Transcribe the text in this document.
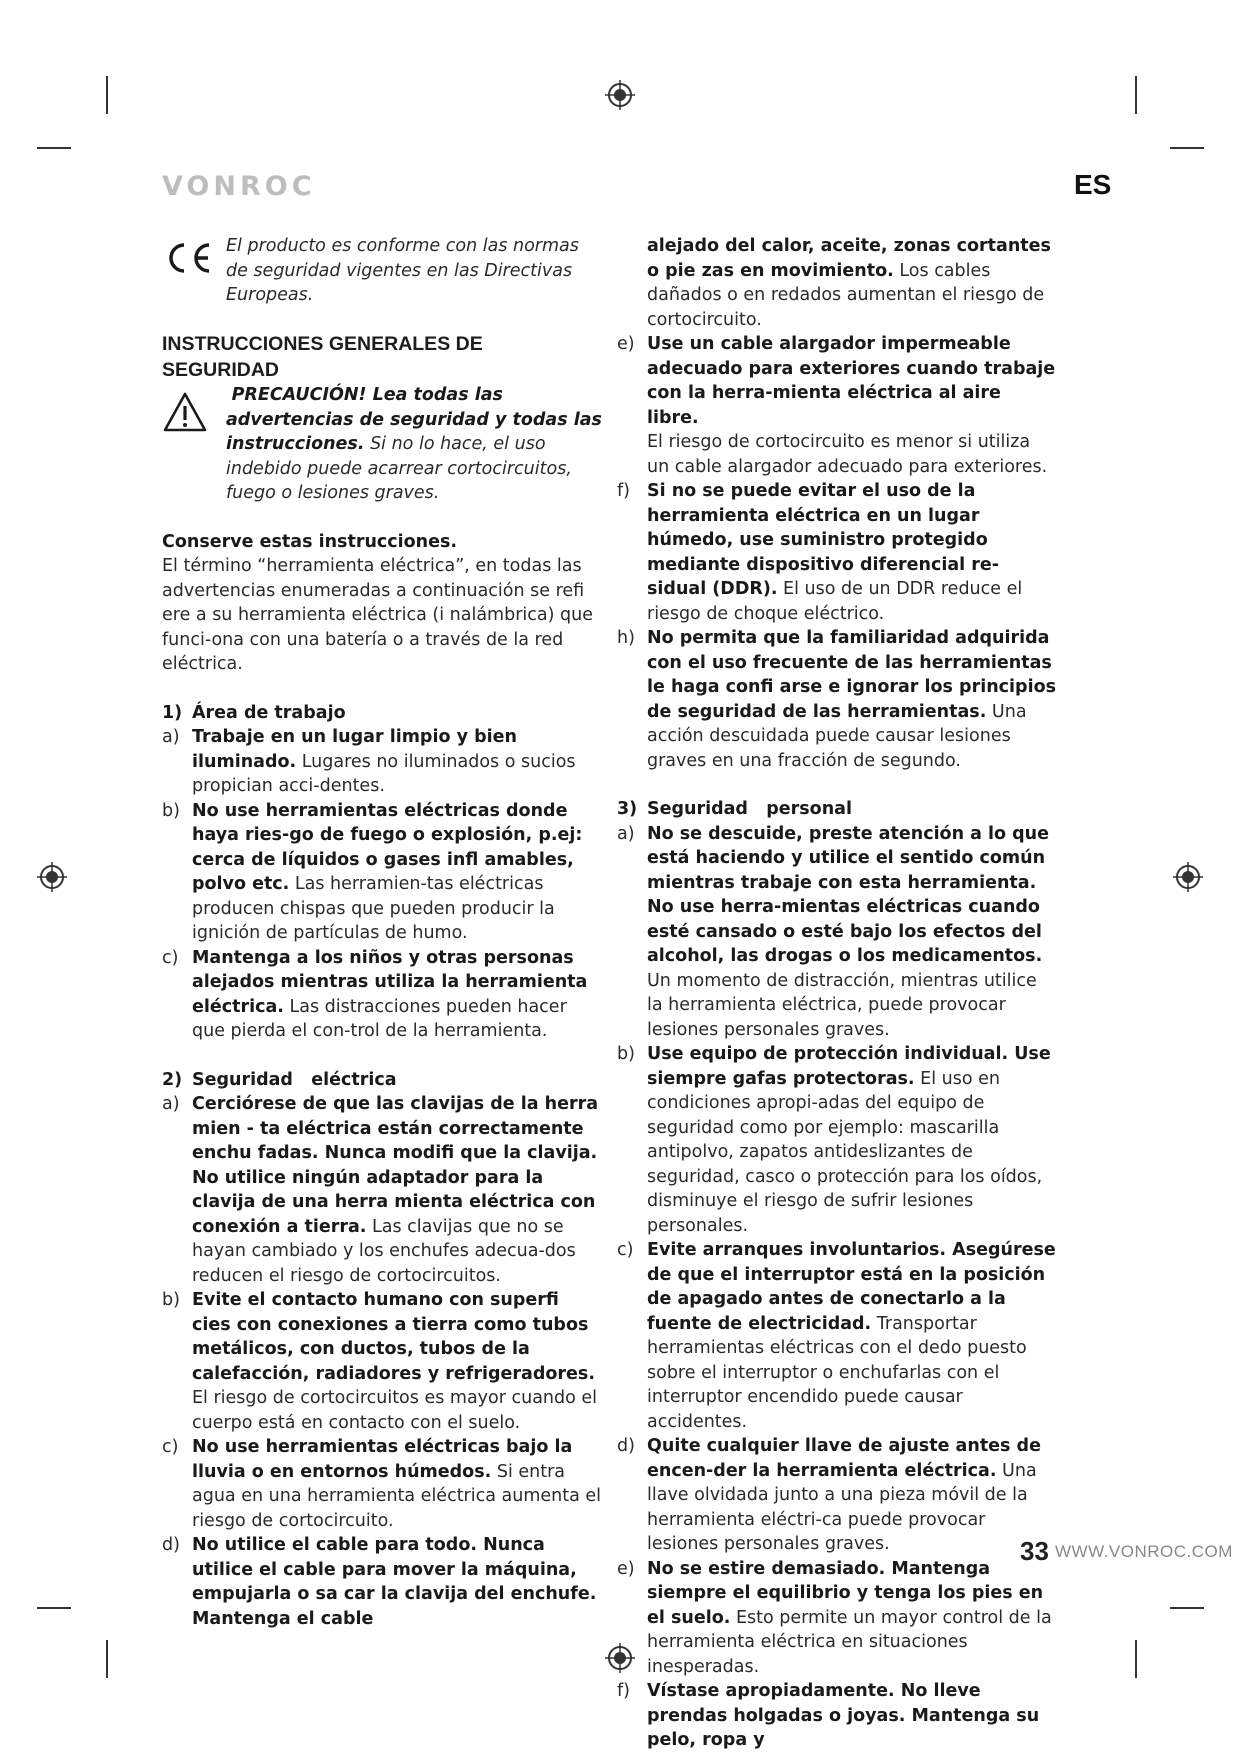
VONROC	ES
El producto es conforme con las normas de seguridad vigentes en las Directivas Europeas.
INSTRUCCIONES GENERALES DE SEGURIDAD
PRECAUCIÓN! Lea todas las advertencias de seguridad y todas las instrucciones. Si no lo hace, el uso indebido puede acarrear cortocircuitos, fuego o lesiones graves.
Conserve estas instrucciones.
El término “herramienta eléctrica”, en todas las advertencias enumeradas a continuación se refi ere a su herramienta eléctrica (i nalámbrica) que funci-ona con una batería o a través de la red eléctrica.
1) Área de trabajo
a) Trabaje en un lugar limpio y bien iluminado. Lugares no iluminados o sucios propician acci-dentes.
b) No use herramientas eléctricas donde haya ries-go de fuego o explosión, p.ej: cerca de líquidos o gases infl amables, polvo etc. Las herramien-tas eléctricas producen chispas que pueden producir la ignición de partículas de humo.
c) Mantenga a los niños y otras personas alejados mientras utiliza la herramienta eléctrica. Las distracciones pueden hacer que pierda el con-trol de la herramienta.
2) Seguridad   eléctrica
a) Cerciórese de que las clavijas de la herra mien - ta eléctrica están correctamente enchu fadas. Nunca modifi que la clavija. No utilice ningún adaptador para la clavija de una herra mienta eléctrica con conexión a tierra. Las clavijas que no se hayan cambiado y los enchufes adecua-dos reducen el riesgo de cortocircuitos.
b) Evite el contacto humano con superfi cies con conexiones a tierra como tubos metálicos, con ductos, tubos de la calefacción, radiadores y refrigeradores. El riesgo de cortocircuitos es mayor cuando el cuerpo está en contacto con el suelo.
c) No use herramientas eléctricas bajo la lluvia o en entornos húmedos. Si entra agua en una herramienta eléctrica aumenta el riesgo de cortocircuito.
d) No utilice el cable para todo. Nunca utilice el cable para mover la máquina, empujarla o sa car la clavija del enchufe. Mantenga el cable
alejado del calor, aceite, zonas cortantes o pie zas en movimiento. Los cables dañados o en redados aumentan el riesgo de cortocircuito.
e) Use un cable alargador impermeable adecuado para exteriores cuando trabaje con la herra-mienta eléctrica al aire libre.
El riesgo de cortocircuito es menor si utiliza un cable alargador adecuado para exteriores.
f) Si no se puede evitar el uso de la herramienta eléctrica en un lugar húmedo, use suministro protegido mediante dispositivo diferencial re-sidual (DDR). El uso de un DDR reduce el riesgo de choque eléctrico.
h) No permita que la familiaridad adquirida con el uso frecuente de las herramientas le haga confi arse e ignorar los principios de seguridad de las herramientas. Una acción descuidada puede causar lesiones graves en una fracción de segundo.
3) Seguridad   personal
a) No se descuide, preste atención a lo que está haciendo y utilice el sentido común mientras trabaje con esta herramienta. No use herra-mientas eléctricas cuando esté cansado o esté bajo los efectos del alcohol, las drogas o los medicamentos. Un momento de distracción, mientras utilice la herramienta eléctrica, puede provocar lesiones personales graves.
b) Use equipo de protección individual. Use siempre gafas protectoras. El uso en condiciones apropi-adas del equipo de seguridad como por ejemplo: mascarilla antipolvo, zapatos antideslizantes de seguridad, casco o protección para los oídos, disminuye el riesgo de sufrir lesiones personales.
c) Evite arranques involuntarios. Asegúrese de que el interruptor está en la posición de apagado antes de conectarlo a la fuente de electricidad. Transportar herramientas eléctricas con el dedo puesto sobre el interruptor o enchufarlas con el interruptor encendido puede causar accidentes.
d) Quite cualquier llave de ajuste antes de encen-der la herramienta eléctrica. Una llave olvidada junto a una pieza móvil de la herramienta eléctri-ca puede provocar lesiones personales graves.
e) No se estire demasiado. Mantenga siempre el equilibrio y tenga los pies en el suelo. Esto permite un mayor control de la herramienta eléctrica en situaciones inesperadas.
f) Vístase apropiadamente. No lleve prendas holgadas o joyas. Mantenga su pelo, ropa y
33 WWW.VONROC.COM
